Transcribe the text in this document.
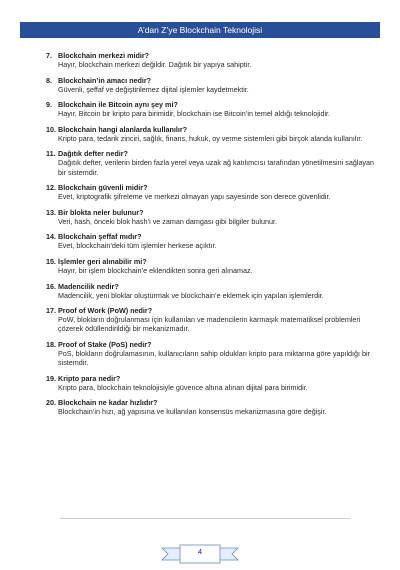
A’dan Z’ye Blockchain Teknolojisi
7. Blockchain merkezi midir?
Hayır, blockchain merkezi değildir. Dağıtık bir yapıya sahiptir.
8. Blockchain’in amacı nedir?
Güvenli, şeffaf ve değiştirilemez dijital işlemler kaydetmektir.
9. Blockchain ile Bitcoin aynı şey mi?
Hayır, Bitcoin bir kripto para birimidir, blockchain ise Bitcoin’in temel aldığı teknolojidir.
10. Blockchain hangi alanlarda kullanılır?
Kripto para, tedarik zinciri, sağlık, finans, hukuk, oy verme sistemleri gibi birçok alanda kullanılır.
11. Dağıtık defter nedir?
Dağıtık defter, verilerin birden fazla yerel veya uzak ağ katılımcısı tarafından yönetilmesini sağlayan bir sistemdir.
12. Blockchain güvenli midir?
Evet, kriptografik şifreleme ve merkezi olmayan yapı sayesinde son derece güvenlidir.
13. Bir blokta neler bulunur?
Veri, hash, önceki blok hash’i ve zaman damgası gibi bilgiler bulunur.
14. Blockchain şeffaf mıdır?
Evet, blockchain’deki tüm işlemler herkese açıktır.
15. İşlemler geri alınabilir mi?
Hayır, bir işlem blockchain’e eklendikten sonra geri alınamaz.
16. Madencilik nedir?
Madencilik, yeni bloklar oluşturmak ve blockchain’e eklemek için yapılan işlemlerdir.
17. Proof of Work (PoW) nedir?
PoW, blokların doğrulanması için kullanılan ve madencilerin karmaşık matematiksel problemleri çözerek ödüllendirildiği bir mekanizmadır.
18. Proof of Stake (PoS) nedir?
PoS, blokların doğrulamasının, kullanıcıların sahip oldukları kripto para miktarına göre yapıldığı bir sistemdir.
19. Kripto para nedir?
Kripto para, blockchain teknolojisiyle güvence altına alınan dijital para birimidir.
20. Blockchain ne kadar hızlıdır?
Blockchain’in hızı, ağ yapısına ve kullanılan konsensüs mekanizmasına göre değişir.
4
